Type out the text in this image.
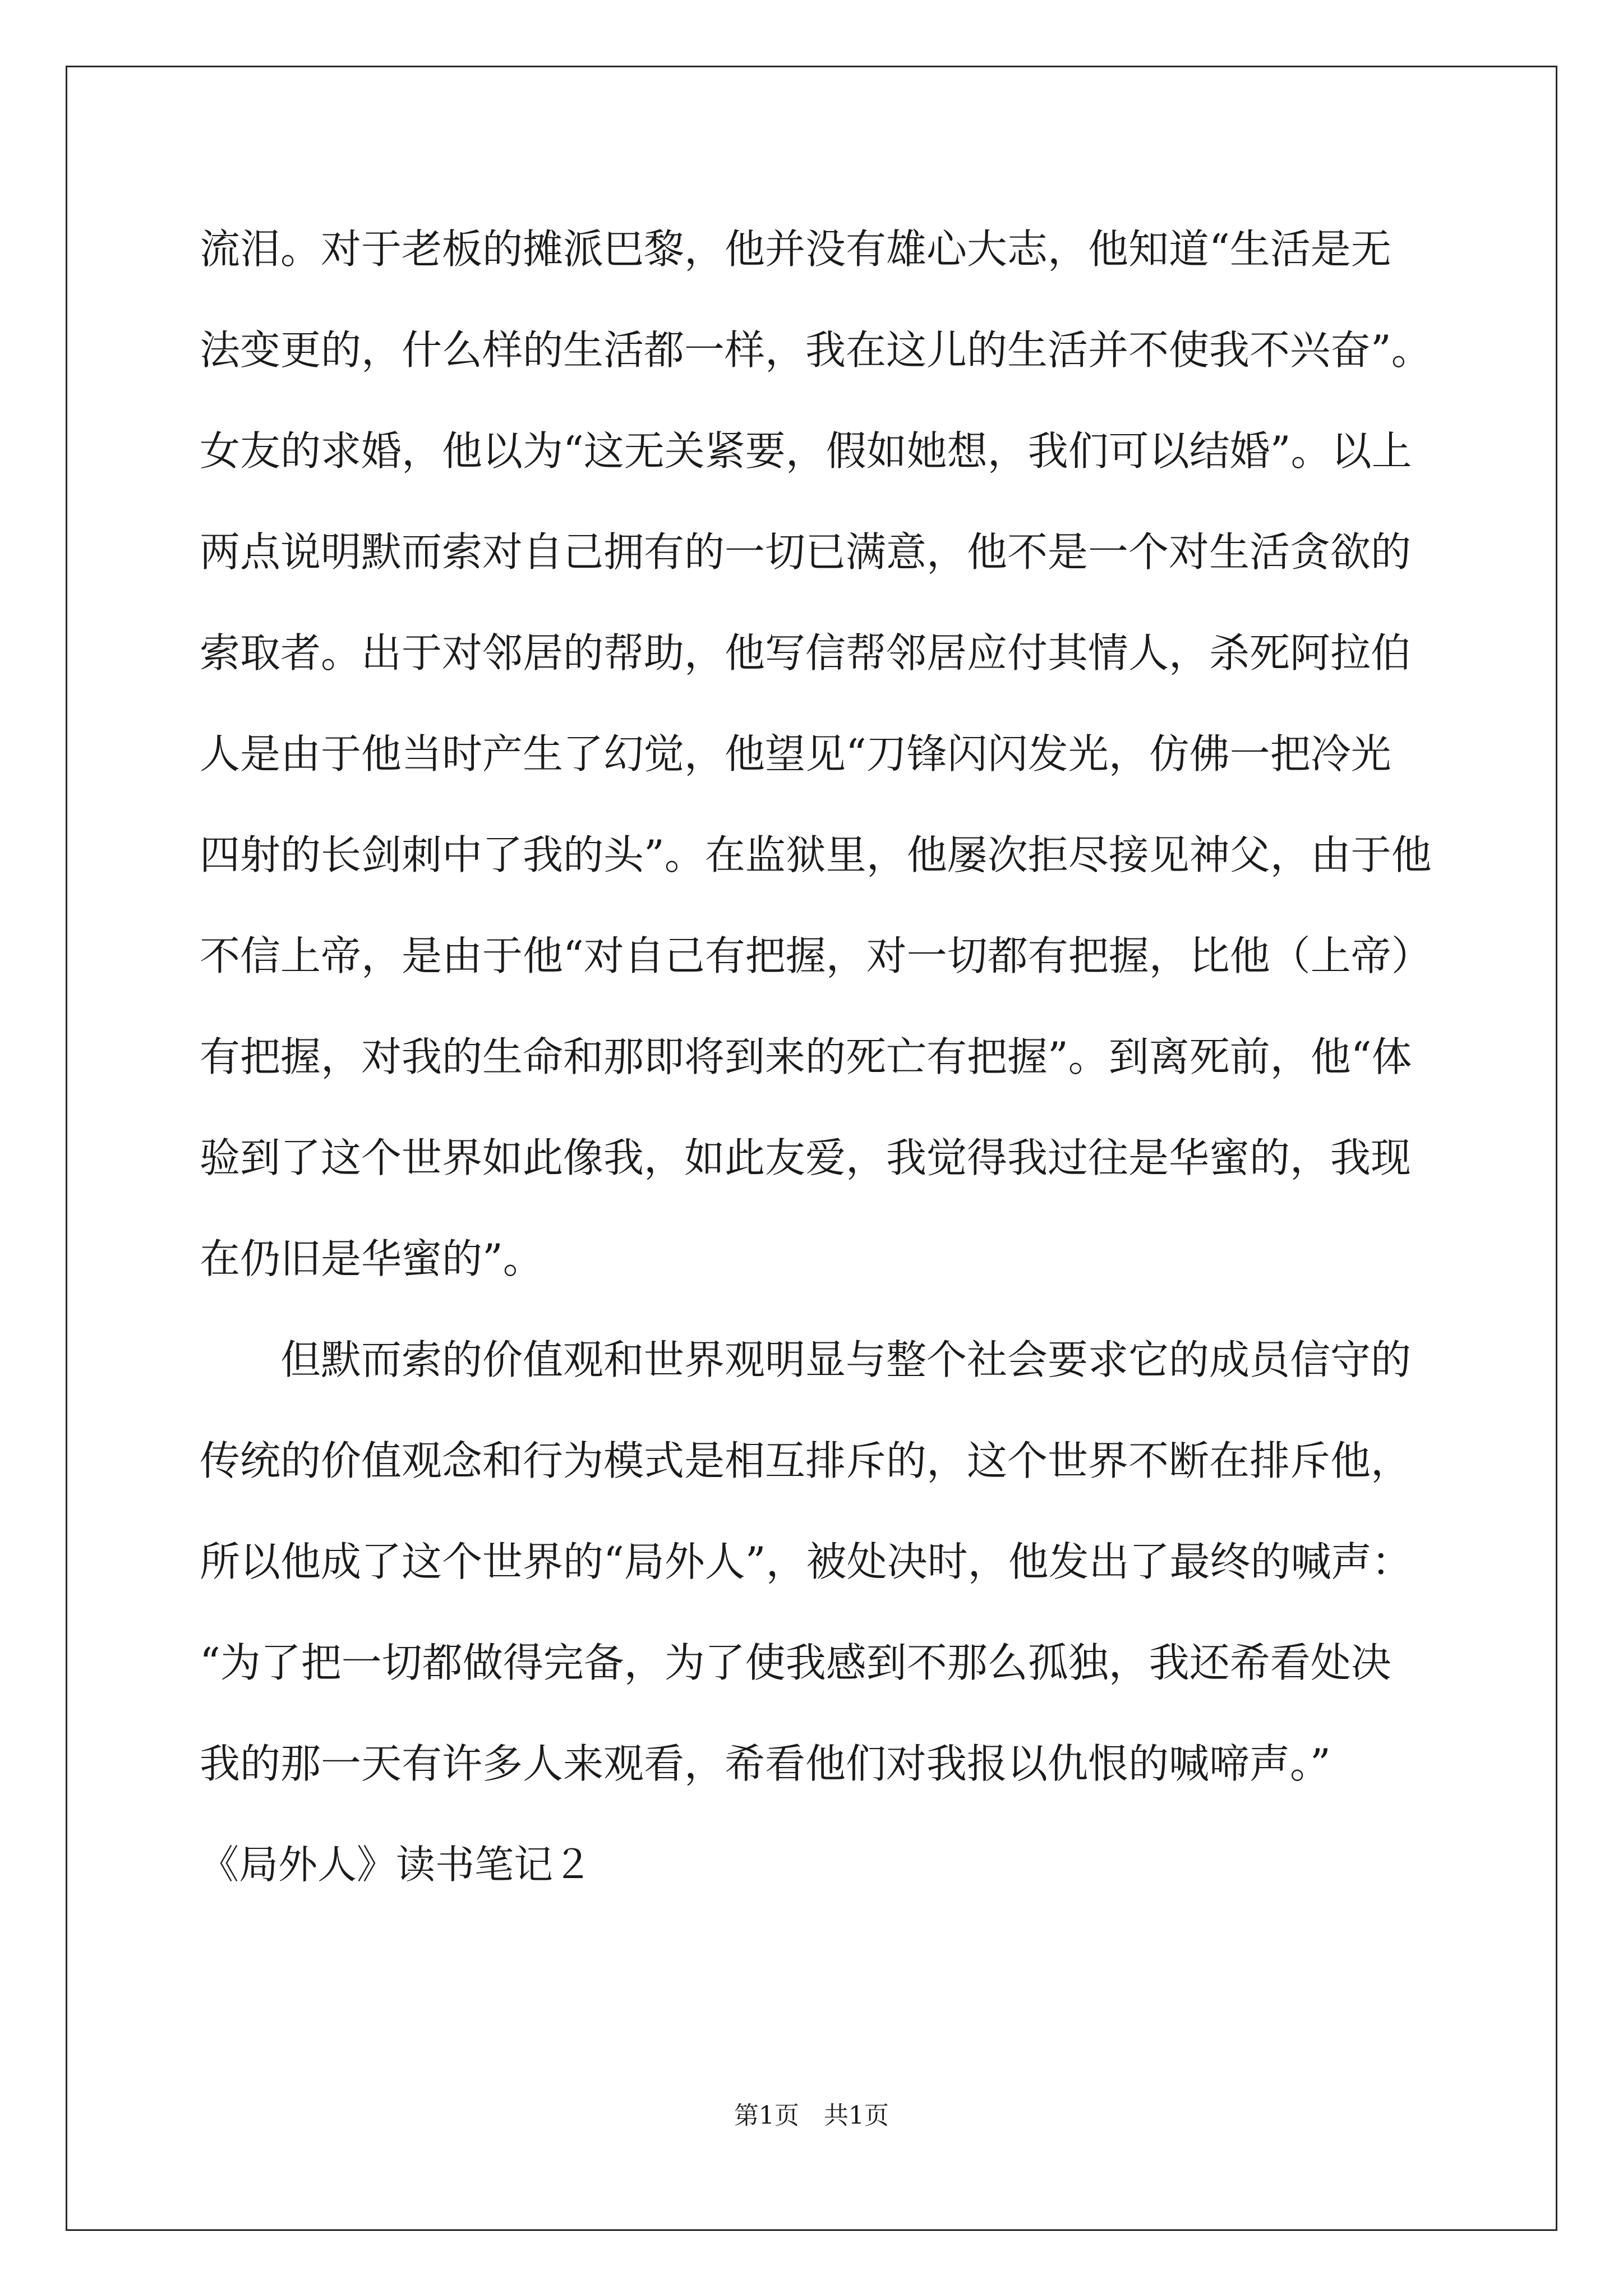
流泪。对于老板的摊派巴黎，他并没有雄心大志，他知道“生活是无
法变更的，什么样的生活都一样，我在这儿的生活并不使我不兴奋”。
女友的求婚，他以为“这无关紧要，假如她想，我们可以结婚”。以上
两点说明默而索对自己拥有的一切已满意，他不是一个对生活贪欲的
索取者。出于对邻居的帮助，他写信帮邻居应付其情人，杀死阿拉伯
人是由于他当时产生了幻觉，他望见“刀锋闪闪发光，仿佛一把冷光
四射的长剑刺中了我的头”。在监狱里，他屡次拒尽接见神父，由于他
不信上帝，是由于他“对自己有把握，对一切都有把握，比他（上帝）
有把握，对我的生命和那即将到来的死亡有把握”。到离死前，他“体
验到了这个世界如此像我，如此友爱，我觉得我过往是华蜜的，我现
在仍旧是华蜜的”。
　　但默而索的价值观和世界观明显与整个社会要求它的成员信守的
传统的价值观念和行为模式是相互排斥的，这个世界不断在排斥他，
所以他成了这个世界的“局外人”，被处决时，他发出了最终的喊声：
“为了把一切都做得完备，为了使我感到不那么孤独，我还希看处决
我的那一天有许多人来观看，希看他们对我报以仇恨的喊啼声。”
《局外人》读书笔记２
第1页　共1页
